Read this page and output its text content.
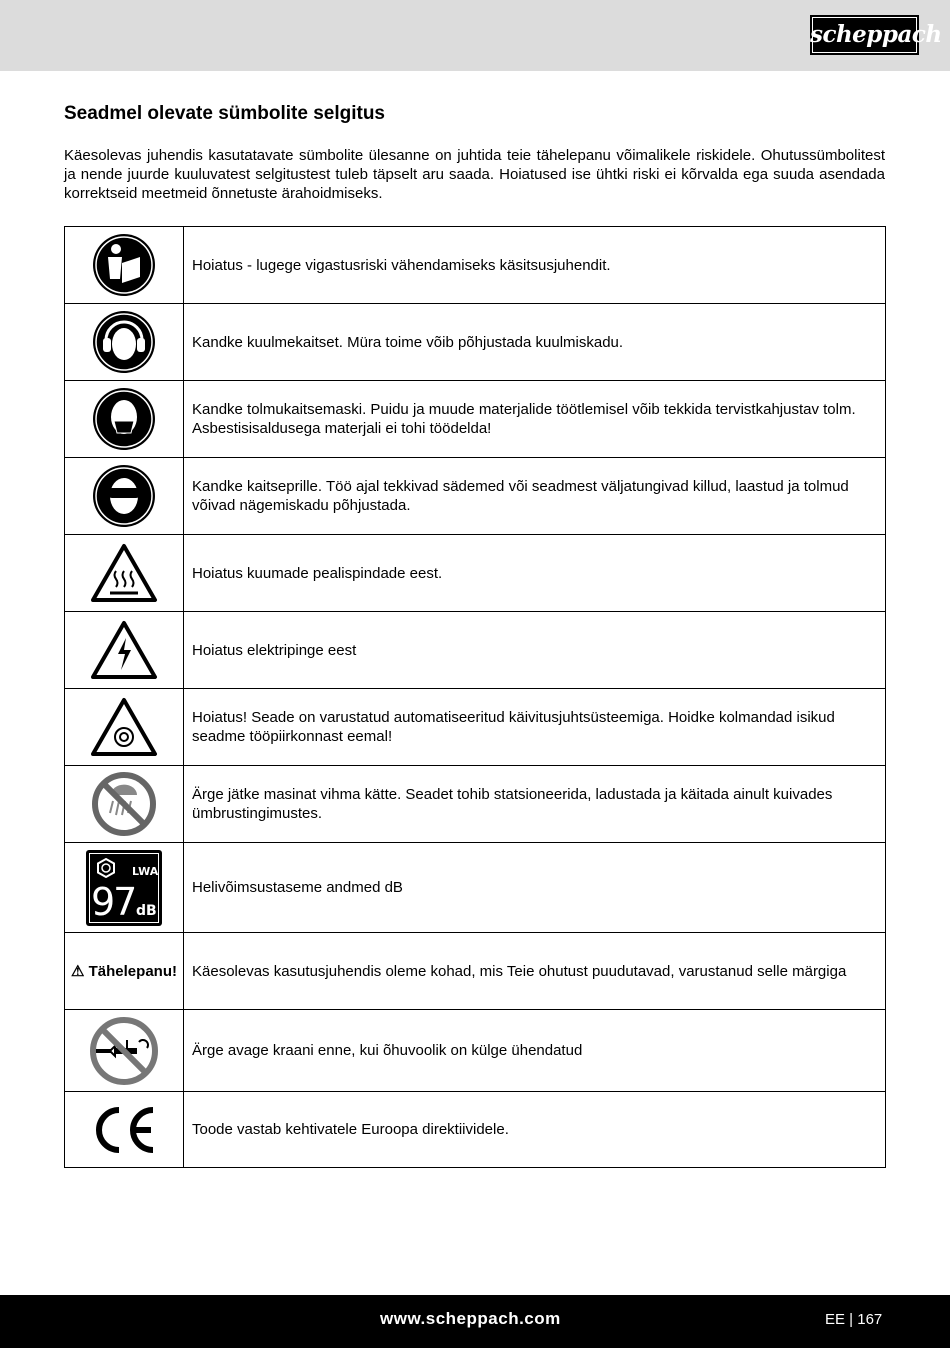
scheppach
Seadmel olevate sümbolite selgitus
Käesolevas juhendis kasutatavate sümbolite ülesanne on juhtida teie tähelepanu võimalikele riskidele. Ohutussümbolitest ja nende juurde kuuluvatest selgitustest tuleb täpselt aru saada. Hoiatused ise ühtki riski ei kõrvalda ega suuda asendada korrektseid meetmeid õnnetuste ärahoidmiseks.
	Hoiatus - lugege vigastusriski vähendamiseks käsitsusjuhendit.

	Kandke kuulmekaitset. Müra toime võib põhjustada kuulmiskadu.

	Kandke tolmukaitsemaski. Puidu ja muude materjalide töötlemisel võib tekkida tervistkahjustav tolm. Asbestisisaldusega materjali ei tohi töödelda!

	Kandke kaitseprille. Töö ajal tekkivad sädemed või seadmest väljatungivad killud, laastud ja tolmud võivad nägemiskadu põhjustada.

	Hoiatus kuumade pealispindade eest.

	Hoiatus elektripinge eest

	Hoiatus! Seade on varustatud automatiseeritud käivitusjuhtsüsteemiga. Hoidke kolmandad isikud seadme tööpiirkonnast eemal!

	Ärge jätke masinat vihma kätte. Seadet tohib statsioneerida, ladustada ja käitada ainult kuivades ümbrustingimustes.

LWA
97 dB	Helivõimsustaseme andmed dB
⚠ Tähelepanu!	Käesolevas kasutusjuhendis oleme kohad, mis Teie ohutust puudutavad, varustanud selle märgiga

	Ärge avage kraani enne, kui õhuvoolik on külge ühendatud

	Toode vastab kehtivatele Euroopa direktiividele.
www.scheppach.com	EE | 167
